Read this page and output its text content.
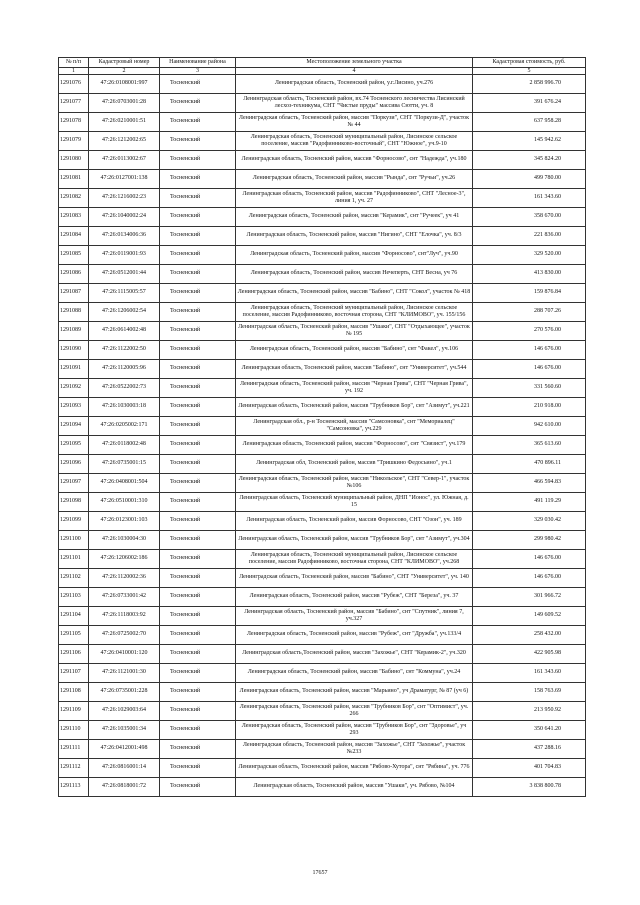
№ п/п	Кадастровый номер	Наименование района	Местоположение земельного участка	Кадастровая стоимость, руб.
1	2	3	4	5
1291076	47:26:0108001:997	Тосненский	Ленинградская область, Тосненский район, у.г.Лисино, уч.276	2 858 996.70
1291077	47:26:0703001:28	Тосненский	Ленинградская область, Тосненский район, вх.74 Тосненского лесничества Лисинский лесхоз-техникума, СНТ "Чистые пруды" массива Сютти, уч. 8	391 676.24
1291078	47:26:0210001:51	Тосненский	Ленинградская область, Тосненский район, массив "Поркузи", СНТ "Поркузи-Д", участок № 44	637 958.28
1291079	47:26:1212002:65	Тосненский	Ленинградская область, Тосненский муниципальный район, Лисинское сельское поселение, массив "Радофинниково-восточный", СНТ "Южное", уч.9-10	145 942.62
1291080	47:26:0113002:67	Тосненский	Ленинградская область, Тосненский район, массив "Форносово", снт "Надежда", уч.180	345 824.20
1291081	47:26:0127001:138	Тосненский	Ленинградская область, Тосненский район, массив "Рында", снт "Ручьи", уч.26	499 780.00
1291082	47:26:1216002:23	Тосненский	Ленинградская область, Тосненский район, массив "Радофинниково", СНТ "Лесное-3", линия 1, уч. 27	161 343.60
1291083	47:26:1040002:24	Тосненский	Ленинградская область, Тосненский район, массив "Керамик", снт "Ручеек", уч 41	358 670.00
1291084	47:26:0134006:36	Тосненский	Ленинградская область, Тосненский район, массив "Нигино", СНТ "Елочка", уч. 8/3	221 836.00
1291085	47:26:0119001:93	Тосненский	Ленинградская область, Тосненский район, массив "Форносово", снт"Луч", уч.90	329 520.00
1291086	47:26:0512001:44	Тосненский	Ленинградская область, Тосненский район, массив Нечеперть, СНТ Весна, уч 76	413 830.00
1291087	47:26:1115005:57	Тосненский	Ленинградская область, Тосненский район, массив "Бабино", СНТ "Сокол", участок № 418	159 876.84
1291088	47:26:1206002:54	Тосненский	Ленинградская область, Тосненский муниципальный район, Лисинское сельское поселение, массив Радофинниково, восточная сторона, СНТ "КЛИМОВО", уч. 155/156	288 707.26
1291089	47:26:0614002:48	Тосненский	Ленинградская область, Тосненский район, массив "Ушаки", СНТ "Отдыхающее", участок № 195	270 576.00
1291090	47:26:1122002:50	Тосненский	Ленинградская область, Тосненский район, массив "Бабино", снт "Факел", уч.106	146 676.00
1291091	47:26:1120005:96	Тосненский	Ленинградская область, Тосненский район, массив "Бабино", снт "Университет", уч.544	146 676.00
1291092	47:26:0522002:73	Тосненский	Ленинградская область, Тосненский район, массив "Черная Грива", СНТ "Черная Грива", уч. 192	331 560.60
1291093	47:26:1030003:18	Тосненский	Ленинградская область, Тосненский район, массив "Трубников Бор", снт "Азимут", уч.221	210 918.00
1291094	47:26:0205002:171	Тосненский	Ленинградская обл., р-н Тосненский, массив "Самсоновка", снт "Мемориалец" "Самсоновка", уч.229	942 610.00
1291095	47:26:0118002:48	Тосненский	Ленинградская область, Тосненский район, массив "Форносово", снт "Связист", уч.179	365 613.60
1291096	47:26:0735001:15	Тосненский	Ленинградская обл, Тосненский район, массив "Тришкино Федосьино", уч.1	470 896.11
1291097	47:26:0408001:504	Тосненский	Ленинградская область, Тосненский район, массив "Никольское", СНТ "Север-1", участок №106	466 594.83
1291098	47:26:0510001:310	Тосненский	Ленинградская область, Тосненский муниципальный район, ДНП "Ионос", ул. Южная, д. 15	491 119.29
1291099	47:26:0123001:103	Тосненский	Ленинградская область, Тосненский район, массив Форносово, СНТ "Озон", уч. 189	329 030.42
1291100	47:26:1030004:30	Тосненский	Ленинградская область, Тосненский район, массив "Трубников Бор", снт "Азимут", уч.304	299 980.42
1291101	47:26:1206002:186	Тосненский	Ленинградская область, Тосненский муниципальный район, Лисинское сельское поселение, массив Радофинниково, восточная сторона, СНТ "КЛИМОВО", уч.268	146 676.00
1291102	47:26:1120002:36	Тосненский	Ленинградская область, Тосненский район, массив "Бабино", СНТ "Университет", уч. 140	146 676.00
1291103	47:26:0733001:42	Тосненский	Ленинградская область, Тосненский район, массив "Рубеж", СНТ "Береза", уч. 37	301 966.72
1291104	47:26:1118003:92	Тосненский	Ленинградская область, Тосненский район, массив "Бабино", снт "Спутник", линия 7, уч.327	149 609.52
1291105	47:26:0725002:70	Тосненский	Ленинградская область, Тосненский район, массив "Рубеж", снт "Дружба", уч.133/4	258 432.00
1291106	47:26:0410001:120	Тосненский	Ленинградская область,Тосненский район, массив "Захожье", СНТ "Керамик-2", уч.320	422 905.98
1291107	47:26:1121001:30	Тосненский	Ленинградская область, Тосненский район, массив "Бабино", снт "Коммуна", уч.24	161 343.60
1291108	47:26:0735001:228	Тосненский	Ленинградская область, Тосненский район, массив "Марьино", уч Драматург, № 87 (уч 6)	158 763.69
1291109	47:26:1029003:64	Тосненский	Ленинградская область, Тосненский район, массив "Трубников Бор", снт "Оптимист", уч. 266	213 950.92
1291110	47:26:1035001:34	Тосненский	Ленинградская область, Тосненский район, массив "Трубников Бор", снт "Здоровье", уч 293	350 641.20
1291111	47:26:0412001:498	Тосненский	Ленинградская область, Тосненский район, массив "Захожье", СНТ "Захожье", участок №233	437 288.16
1291112	47:26:0816001:14	Тосненский	Ленинградская область, Тосненский район, массив "Рябово-Хутора", снт "Рябина", уч. 776	401 704.83
1291113	47:26:0818001:72	Тосненский	Ленинградская область, Тосненский район, массив "Ушаки", уч. Рябово, №104	3 838 800.78
17657
